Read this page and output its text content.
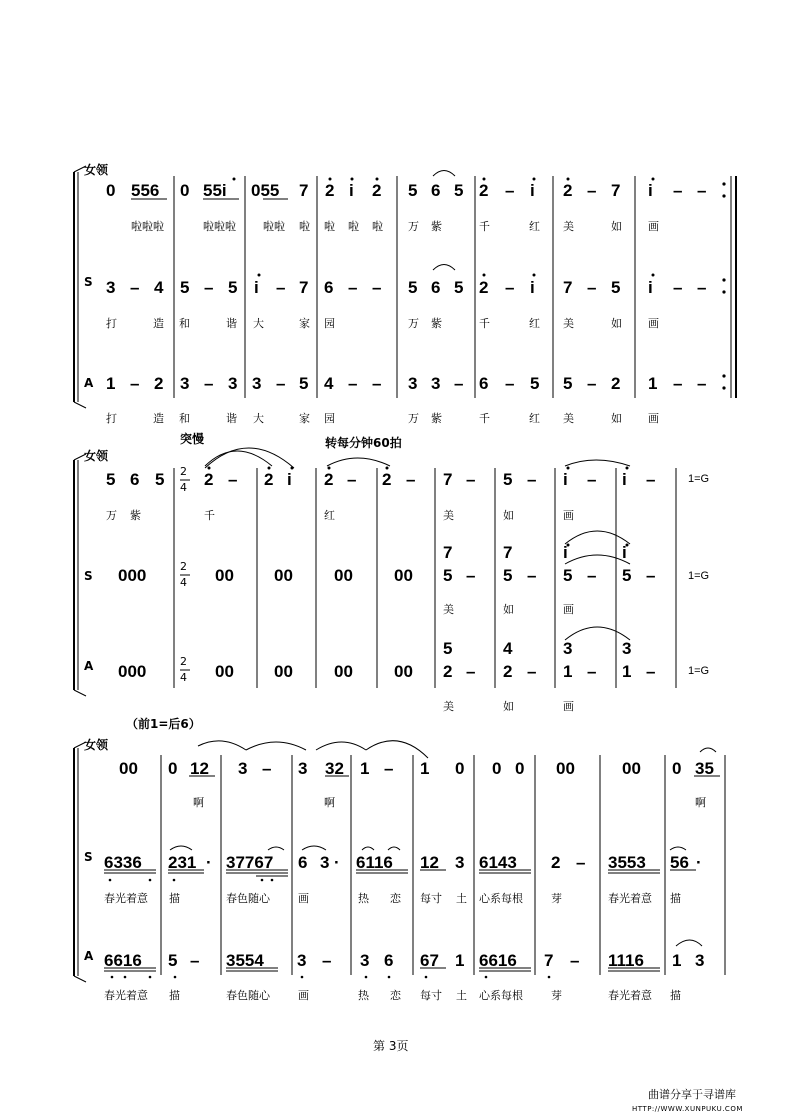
女领
S
A
0 556 0 55i 055 7 2 i 2 5 6 5 2 – i 2 – 7 i – –
啦啦啦	啦啦啦 啦啦 啦 啦 啦 啦 万 紫	千	红 美	如 画
3 – 4 5 – 5 i – 7 6 – – 5 6 5 2 – i 7 – 5 i – –
打	造 和	谐 大	家 园	万 紫	千	红 美	如 画
1 – 2 3 – 3 3 – 5 4 – – 3 3 – 6 – 5 5 – 2 1 – –
打	造 和	谐 大	家 园	万 紫	千	红 美	如 画
突慢	转每分钟60拍
女领
S
A
2
4
2
4
2
4
5 6 5 2 – 2 i 2 – 2 – 7 – 5 – i – i –	1=G
万 紫	千	红	美	如	画
000	00 00 00 00
7	7	i	i
5 – 5 – 5 – 5 –	1=G
美	如	画
000	00 00 00 00
5	4	3	3
2 – 2 – 1 – 1 –	1=G
美	如	画
（前1=后6）
女领
S
A
00 0 12 3 – 3 32 1 – 1 0 0 0 00	00 0 35
啊	啊	啊
6336 231 · 37767 6 3 · 6116 12 3 6143 2 – 3553 56 ·
春光着意 描	春色随心	画	热 恋 每寸 土 心系每根	芽	春光着意 描
6616 5 – 3554 3 – 3 6 67 1 6616 7 – 1116 1 3
春光着意 描	春色随心	画	热 恋 每寸 土 心系每根	芽	春光着意 描
第 3页
曲谱分享于寻谱库
HTTP://WWW.XUNPUKU.COM
